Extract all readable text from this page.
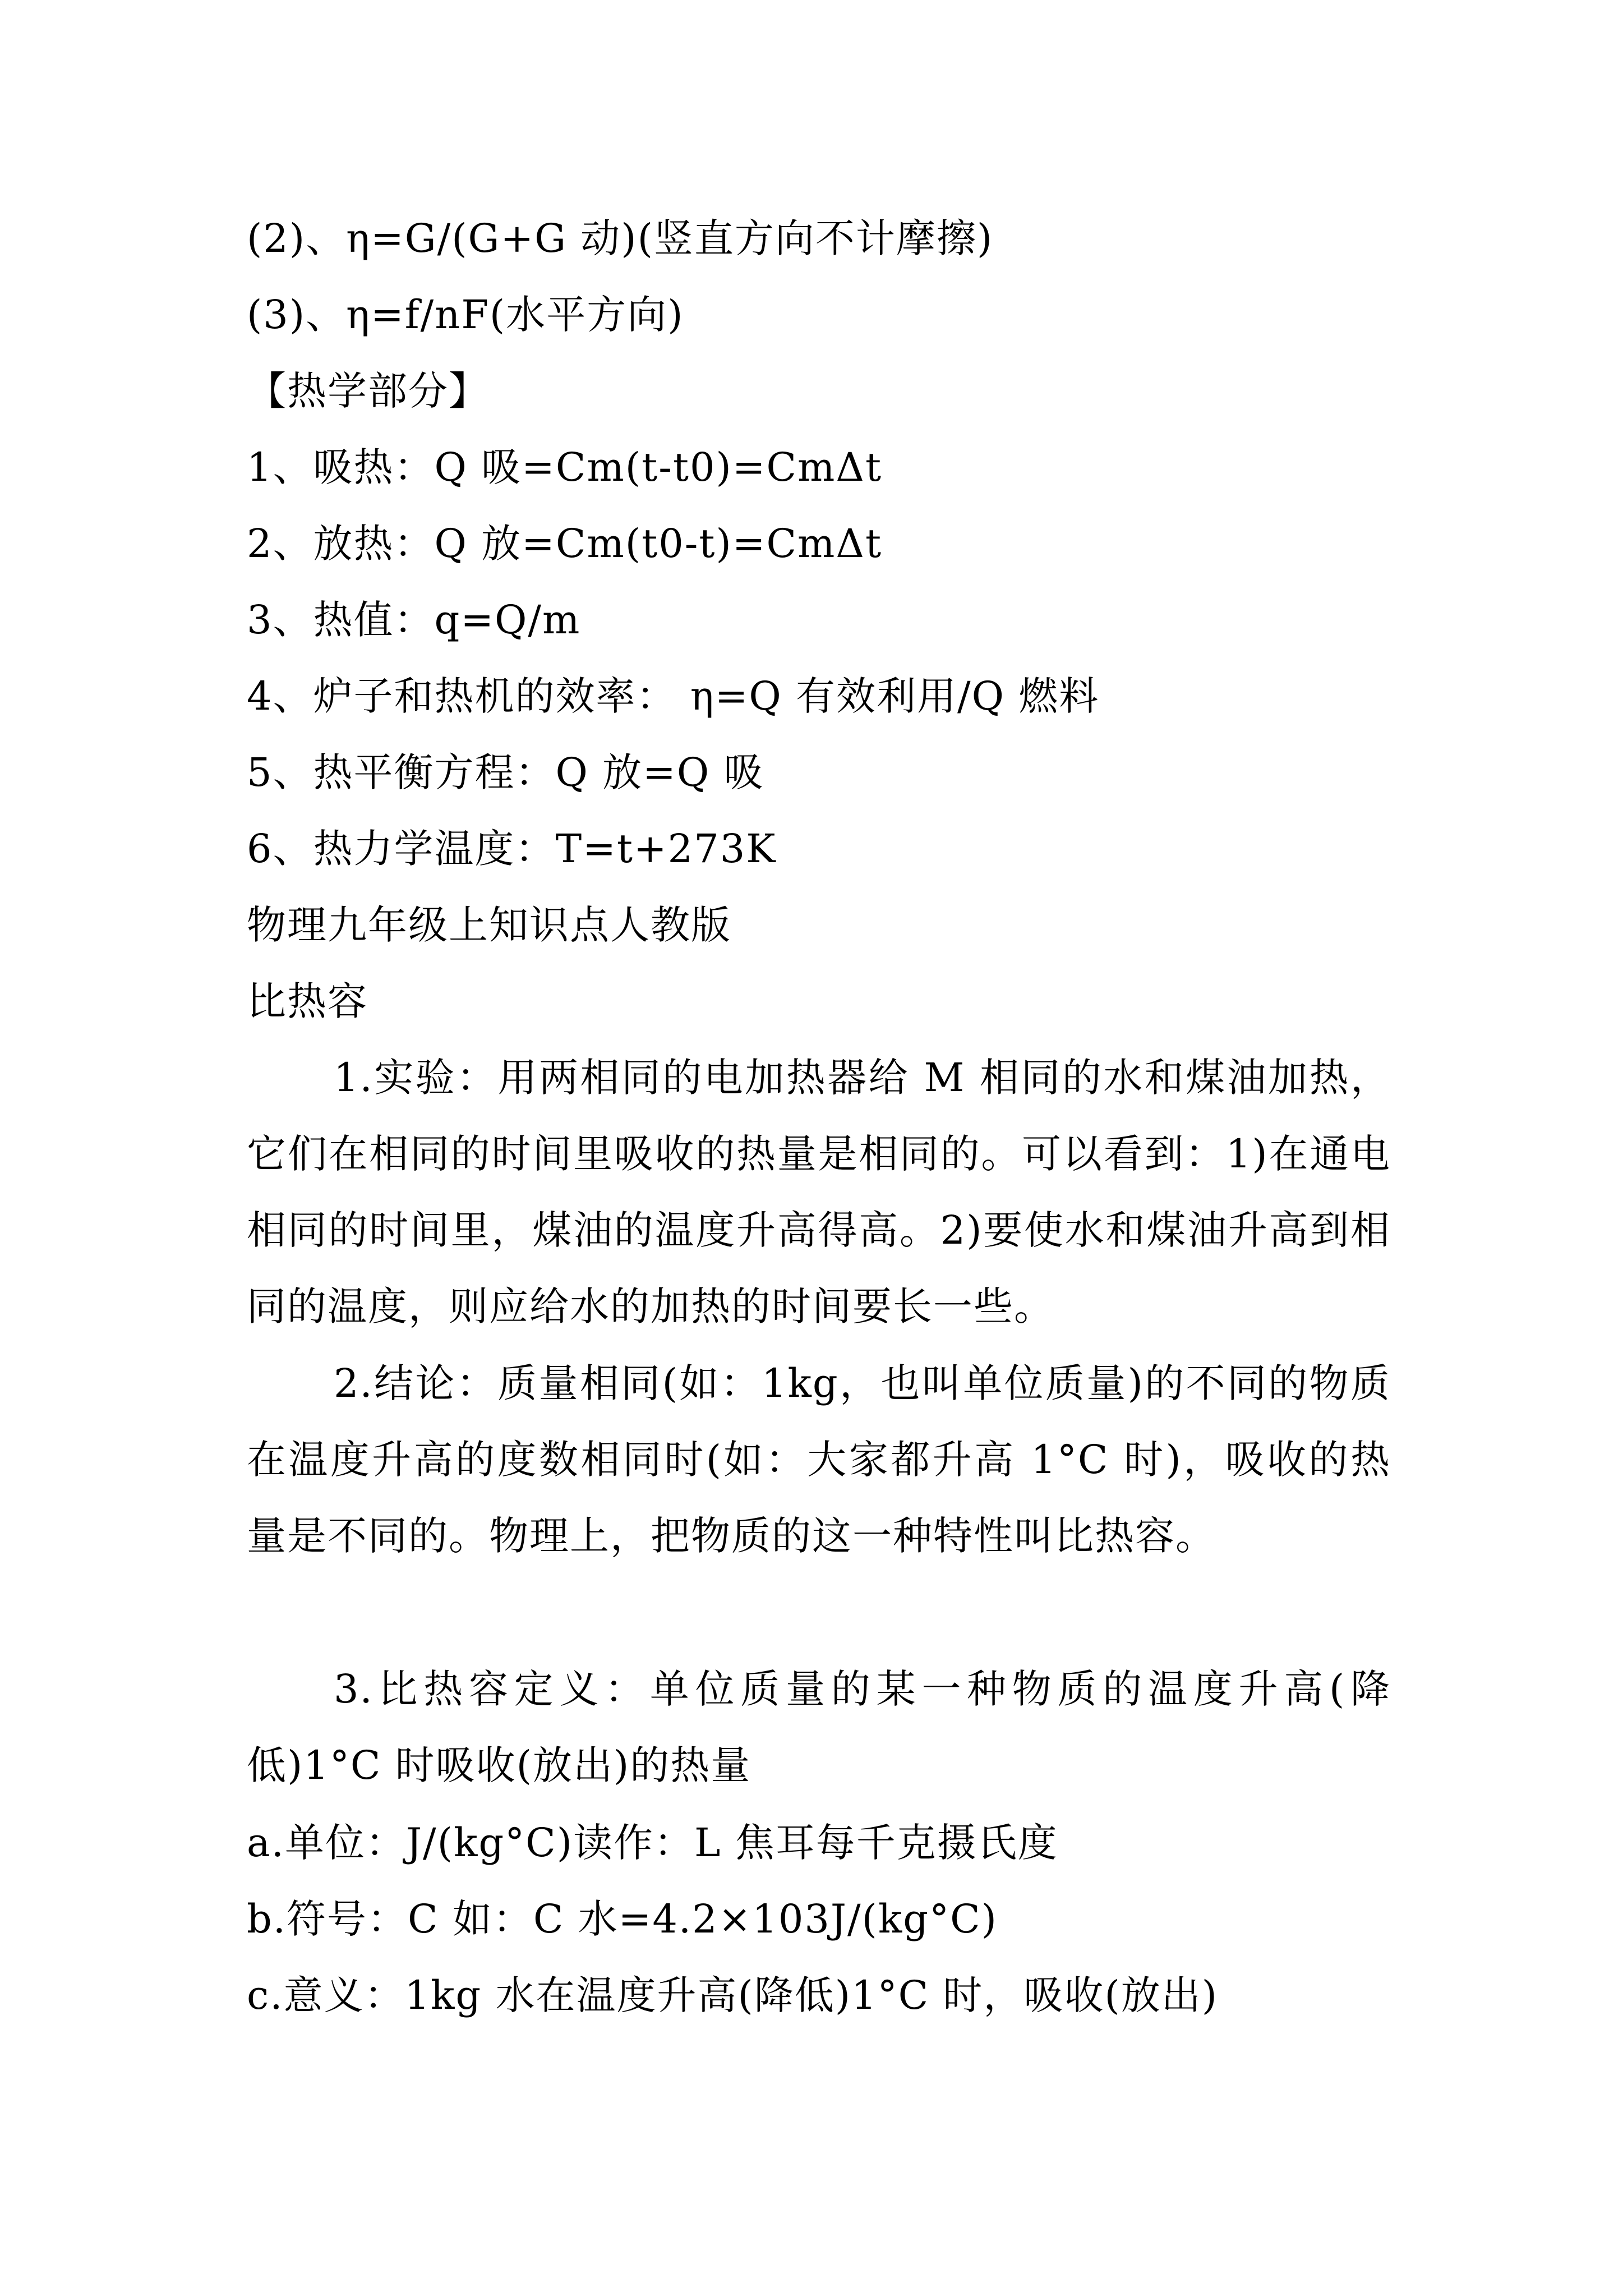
(2)、η=G/(G+G 动)(竖直方向不计摩擦)
(3)、η=f/nF(水平方向)
【热学部分】
1、吸热：Q 吸=Cm(t-t0)=CmΔt
2、放热：Q 放=Cm(t0-t)=CmΔt
3、热值：q=Q/m
4、炉子和热机的效率： η=Q 有效利用/Q 燃料
5、热平衡方程：Q 放=Q 吸
6、热力学温度：T=t+273K
物理九年级上知识点人教版
比热容
1.实验：用两相同的电加热器给 M 相同的水和煤油加热，它们在相同的时间里吸收的热量是相同的。可以看到：1)在通电相同的时间里，煤油的温度升高得高。2)要使水和煤油升高到相同的温度，则应给水的加热的时间要长一些。
2.结论：质量相同(如：1kg，也叫单位质量)的不同的物质在温度升高的度数相同时(如：大家都升高 1°C 时)，吸收的热量是不同的。物理上，把物质的这一种特性叫比热容。
3.比热容定义：单位质量的某一种物质的温度升高(降低)1°C 时吸收(放出)的热量
a.单位：J/(kg°C)读作：L 焦耳每千克摄氏度
b.符号：C 如：C 水=4.2×103J/(kg°C)
c.意义：1kg 水在温度升高(降低)1°C 时，吸收(放出)
